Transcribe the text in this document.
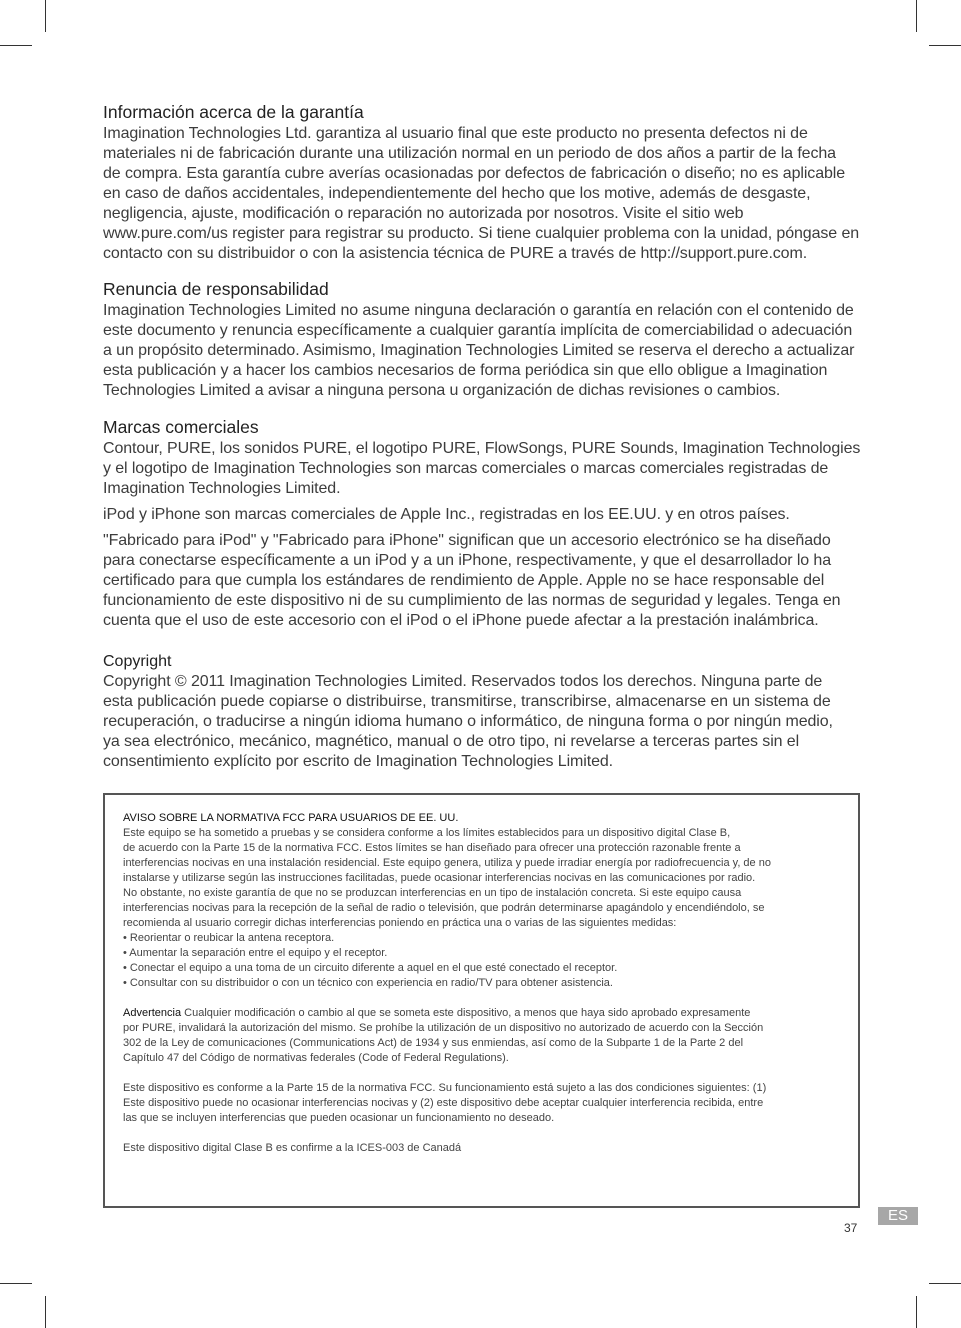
Información acerca de la garantía
Imagination Technologies Ltd. garantiza al usuario final que este producto no presenta defectos ni de
materiales ni de fabricación durante una utilización normal en un periodo de dos años a partir de la fecha
de compra. Esta garantía cubre averías ocasionadas por defectos de fabricación o diseño; no es aplicable
en caso de daños accidentales, independientemente del hecho que los motive, además de desgaste,
negligencia, ajuste, modificación o reparación no autorizada por nosotros. Visite el sitio web
www.pure.com/us register para registrar su producto. Si tiene cualquier problema con la unidad, póngase en
contacto con su distribuidor o con la asistencia técnica de PURE a través de http://support.pure.com.
Renuncia de responsabilidad
Imagination Technologies Limited no asume ninguna declaración o garantía en relación con el contenido de
este documento y renuncia específicamente a cualquier garantía implícita de comerciabilidad o adecuación
a un propósito determinado. Asimismo, Imagination Technologies Limited se reserva el derecho a actualizar
esta publicación y a hacer los cambios necesarios de forma periódica sin que ello obligue a Imagination
Technologies Limited a avisar a ninguna persona u organización de dichas revisiones o cambios.
Marcas comerciales
Contour, PURE, los sonidos PURE, el logotipo PURE, FlowSongs, PURE Sounds, Imagination Technologies
y el logotipo de Imagination Technologies son marcas comerciales o marcas comerciales registradas de
Imagination Technologies Limited.
iPod y iPhone son marcas comerciales de Apple Inc., registradas en los EE.UU. y en otros países.
"Fabricado para iPod" y "Fabricado para iPhone" significan que un accesorio electrónico se ha diseñado
para conectarse específicamente a un iPod y a un iPhone, respectivamente, y que el desarrollador lo ha
certificado para que cumpla los estándares de rendimiento de Apple. Apple no se hace responsable del
funcionamiento de este dispositivo ni de su cumplimiento de las normas de seguridad y legales. Tenga en
cuenta que el uso de este accesorio con el iPod o el iPhone puede afectar a la prestación inalámbrica.
Copyright
Copyright © 2011 Imagination Technologies Limited. Reservados todos los derechos. Ninguna parte de
esta publicación puede copiarse o distribuirse, transmitirse, transcribirse, almacenarse en un sistema de
recuperación, o traducirse a ningún idioma humano o informático, de ninguna forma o por ningún medio,
ya sea electrónico, mecánico, magnético, manual o de otro tipo, ni revelarse a terceras partes sin el
consentimiento explícito por escrito de Imagination Technologies Limited.
AVISO SOBRE LA NORMATIVA FCC PARA USUARIOS DE EE. UU.
Este equipo se ha sometido a pruebas y se considera conforme a los límites establecidos para un dispositivo digital Clase B,
de acuerdo con la Parte 15 de la normativa FCC. Estos límites se han diseñado para ofrecer una protección razonable frente a
interferencias nocivas en una instalación residencial. Este equipo genera, utiliza y puede irradiar energía por radiofrecuencia y, de no
instalarse y utilizarse según las instrucciones facilitadas, puede ocasionar interferencias nocivas en las comunicaciones por radio.
No obstante, no existe garantía de que no se produzcan interferencias en un tipo de instalación concreta. Si este equipo causa
interferencias nocivas para la recepción de la señal de radio o televisión, que podrán determinarse apagándolo y encendiéndolo, se
recomienda al usuario corregir dichas interferencias poniendo en práctica una o varias de las siguientes medidas:
• Reorientar o reubicar la antena receptora.
• Aumentar la separación entre el equipo y el receptor.
• Conectar el equipo a una toma de un circuito diferente a aquel en el que esté conectado el receptor.
• Consultar con su distribuidor o con un técnico con experiencia en radio/TV para obtener asistencia.
Advertencia Cualquier modificación o cambio al que se someta este dispositivo, a menos que haya sido aprobado expresamente
por PURE, invalidará la autorización del mismo. Se prohíbe la utilización de un dispositivo no autorizado de acuerdo con la Sección
302 de la Ley de comunicaciones (Communications Act) de 1934 y sus enmiendas, así como de la Subparte 1 de la Parte 2 del
Capítulo 47 del Código de normativas federales (Code of Federal Regulations).
Este dispositivo es conforme a la Parte 15 de la normativa FCC. Su funcionamiento está sujeto a las dos condiciones siguientes: (1)
Este dispositivo puede no ocasionar interferencias nocivas y (2) este dispositivo debe aceptar cualquier interferencia recibida, entre
las que se incluyen interferencias que pueden ocasionar un funcionamiento no deseado.
Este dispositivo digital Clase B es confirme a la ICES-003 de Canadá
37
ES
